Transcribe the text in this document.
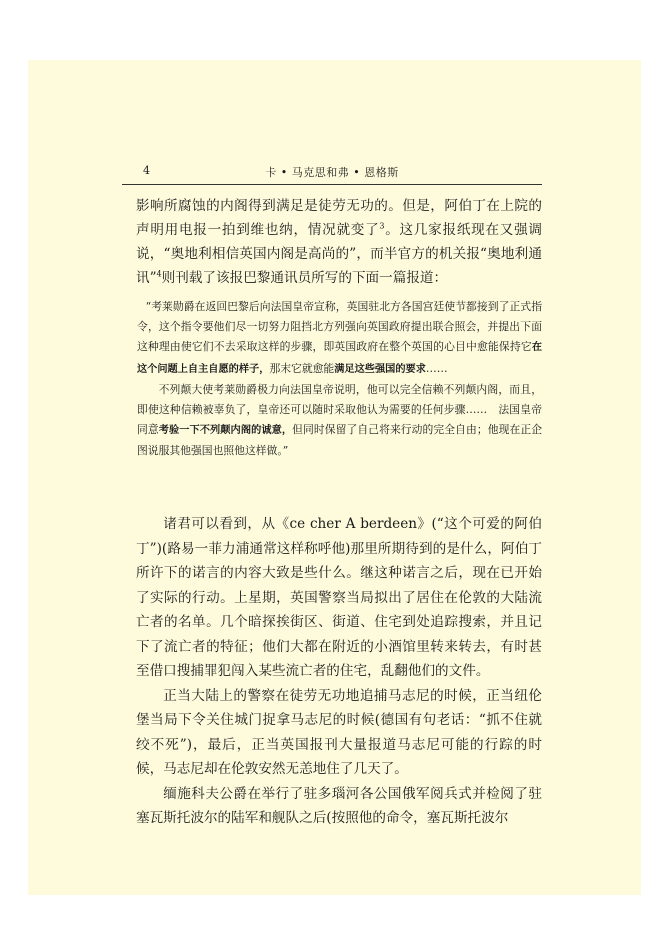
4	卡 • 马克思和弗 • 恩格斯

影响所腐蚀的内阁得到满足是徒劳无功的。但是，阿伯丁在上院的声明用电报一拍到维也纳，情况就变了$^3$。这几家报纸现在又强调说，“奥地利相信英国内阁是高尚的”，而半官方的机关报“奥地利通讯”$^4$则刊载了该报巴黎通讯员所写的下面一篇报道：

“考莱勋爵在返回巴黎后向法国皇帝宣称，英国驻北方各国宫廷使节都接到了正式指令，这个指令要他们尽一切努力阻挡北方列强向英国政府提出联合照会，并提出下面这种理由使它们不去采取这样的步骤，即英国政府在整个英国的心目中愈能保持它在这个问题上自主自愿的样子，那末它就愈能满足这些强国的要求……

不列颠大使考莱勋爵极力向法国皇帝说明，他可以完全信赖不列颠内阁，而且，即使这种信赖被辜负了，皇帝还可以随时采取他认为需要的任何步骤……　法国皇帝同意考验一下不列颠内阁的诚意，但同时保留了自己将来行动的完全自由；他现在正企图说服其他强国也照他这样做。”

诸君可以看到，从《ce cher A berdeen》(“这个可爱的阿伯丁”)(路易一菲力浦通常这样称呼他)那里所期待到的是什么，阿伯丁所许下的诺言的内容大致是些什么。继这种诺言之后，现在已开始了实际的行动。上星期，英国警察当局拟出了居住在伦敦的大陆流亡者的名单。几个暗探挨街区、街道、住宅到处追踪搜索，并且记下了流亡者的特征；他们大都在附近的小酒馆里转来转去，有时甚至借口搜捕罪犯闯入某些流亡者的住宅，乱翻他们的文件。

正当大陆上的警察在徒劳无功地追捕马志尼的时候，正当纽伦堡当局下令关住城门捉拿马志尼的时候(德国有句老话：“抓不住就绞不死”)，最后，正当英国报刊大量报道马志尼可能的行踪的时候，马志尼却在伦敦安然无恙地住了几天了。

缅施科夫公爵在举行了驻多瑙河各公国俄军阅兵式并检阅了驻塞瓦斯托波尔的陆军和舰队之后(按照他的命令，塞瓦斯托波尔
